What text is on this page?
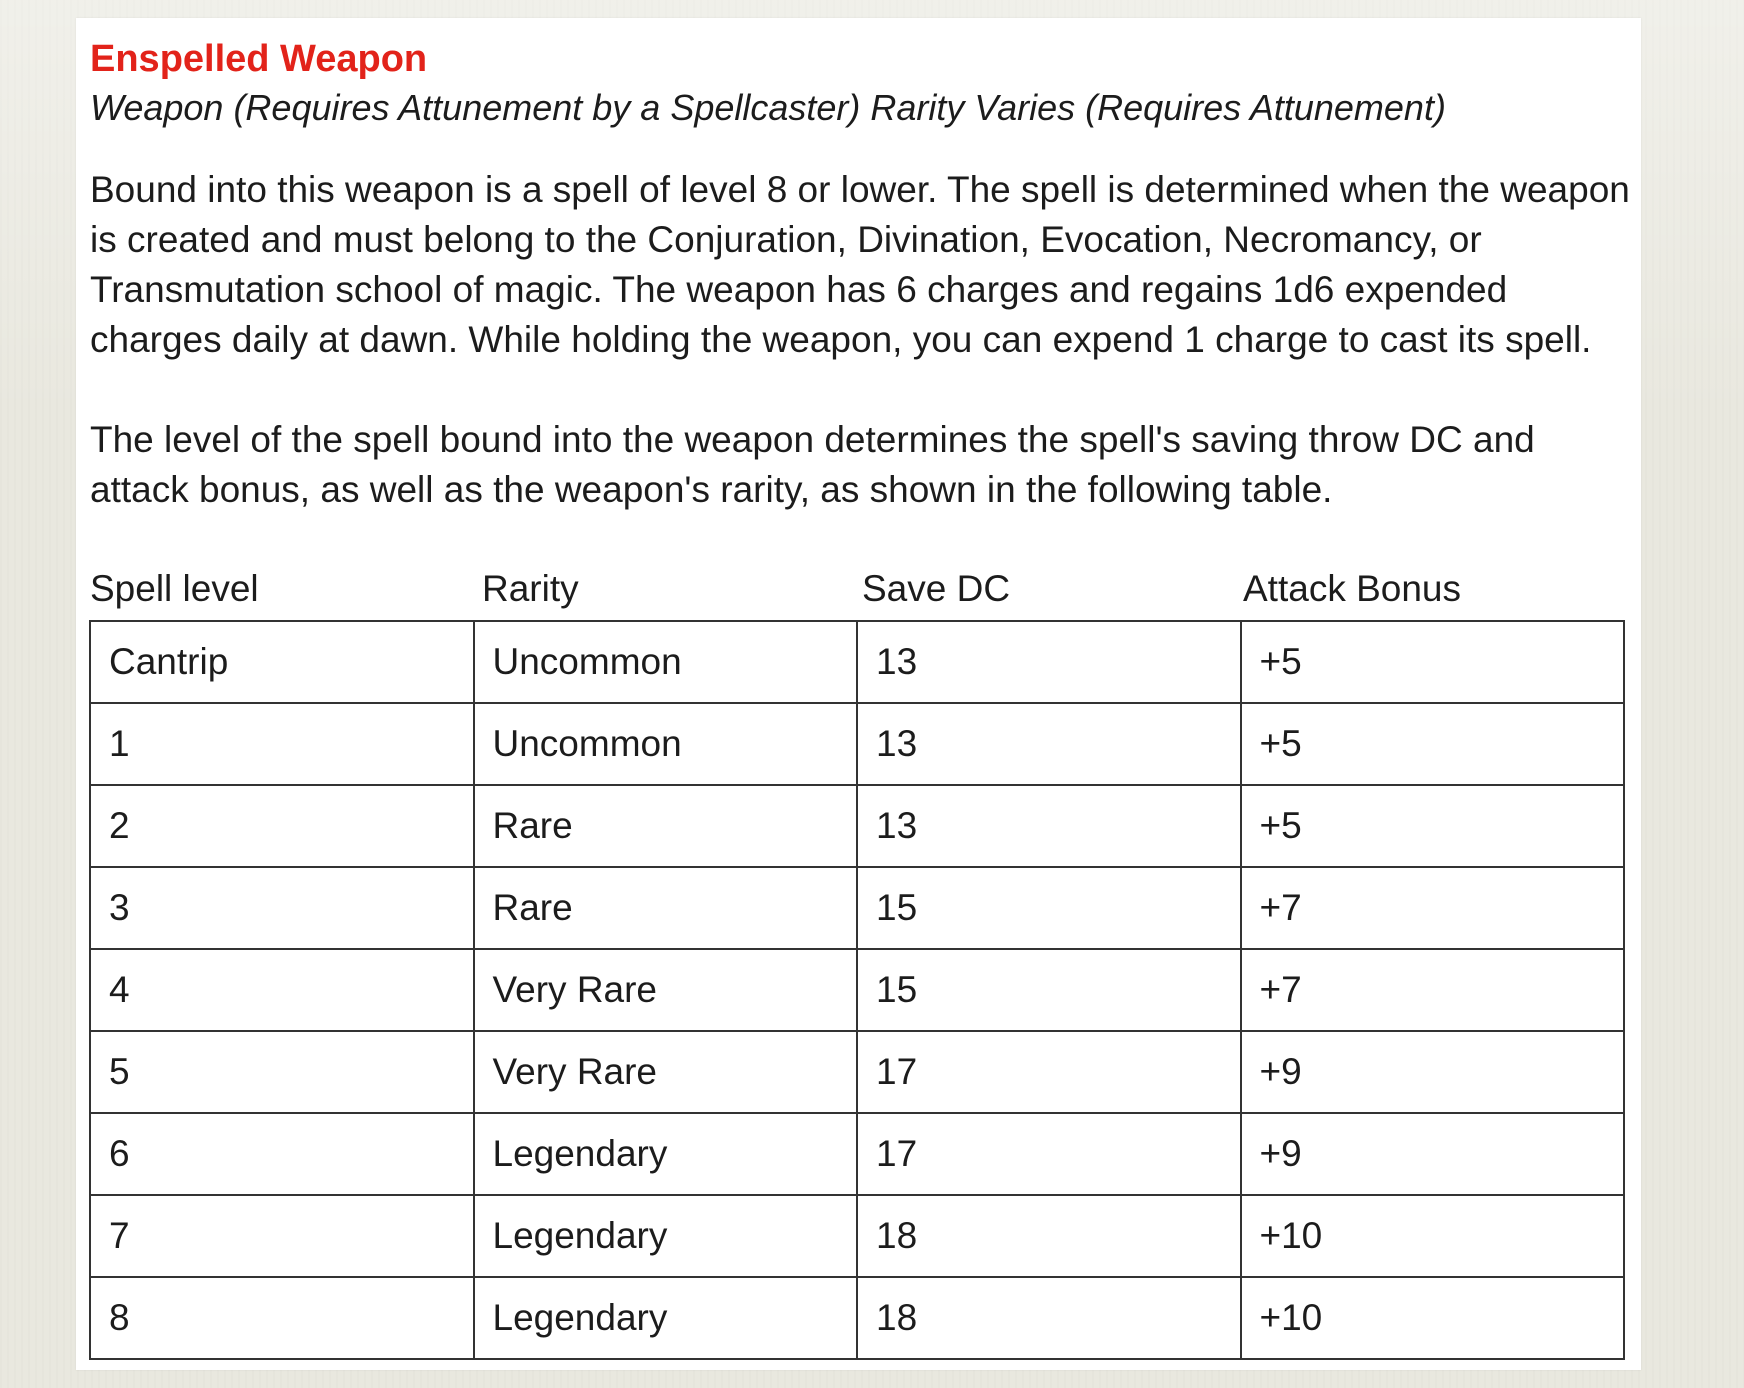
Enspelled Weapon

Weapon (Requires Attunement by a Spellcaster) Rarity Varies (Requires Attunement)

Bound into this weapon is a spell of level 8 or lower. The spell is determined when the weapon is created and must belong to the Conjuration, Divination, Evocation, Necromancy, or Transmutation school of magic. The weapon has 6 charges and regains 1d6 expended charges daily at dawn. While holding the weapon, you can expend 1 charge to cast its spell.

The level of the spell bound into the weapon determines the spell's saving throw DC and attack bonus, as well as the weapon's rarity, as shown in the following table.

Spell level	Rarity	Save DC	Attack Bonus
Cantrip	Uncommon	13	+5
1	Uncommon	13	+5
2	Rare	13	+5
3	Rare	15	+7
4	Very Rare	15	+7
5	Very Rare	17	+9
6	Legendary	17	+9
7	Legendary	18	+10
8	Legendary	18	+10
